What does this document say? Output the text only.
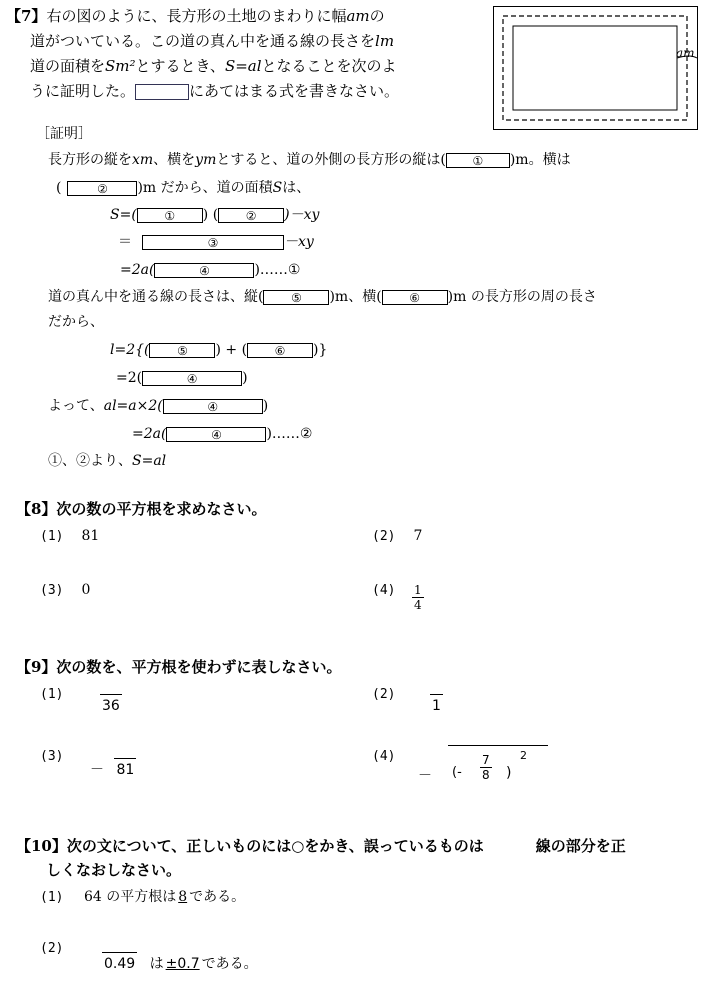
am
【7】右の図のように、長方形の土地のまわりに幅amの
道がついている。この道の真ん中を通る線の長さをlm
道の面積をSm²とするとき、S=alとなることを次のよ
うに証明した。	にあてはまる式を書きなさい。
［証明］
長方形の縦をxm、横をymとすると、道の外側の長方形の縦は( ① )m。横は
(	② )m だから、道の面積Sは、
S=( ① ) ( ② )－xy
＝	③	－xy
=2a(	④	)……①
道の真ん中を通る線の長さは、縦( ⑤ )m、横( ⑥ )m の長方形の周の長さ
だから、
l=2{( ⑤ ) + ( ⑥ )}
=2(	④	)
よって、al=a×2(	④	)
=2a(	④	)……②
①、②より、S=al
【8】次の数の平方根を求めなさい。
(1) 81	(2) 7
(3) 0	$(4) \frac{1}{4}$
【9】次の数を、平方根を使わずに表しなさい。
(1)
36
(2)
1
(3)
－ 81
(4)
－ (- $\frac{7}{8}$ )
2
【10】次の文について、正しいものには○をかき、誤っているものは	線の部分を正
しくなおしなさい。
(1) 64 の平方根は 8 である。
(2)
0.49 は ±0.7 である。
